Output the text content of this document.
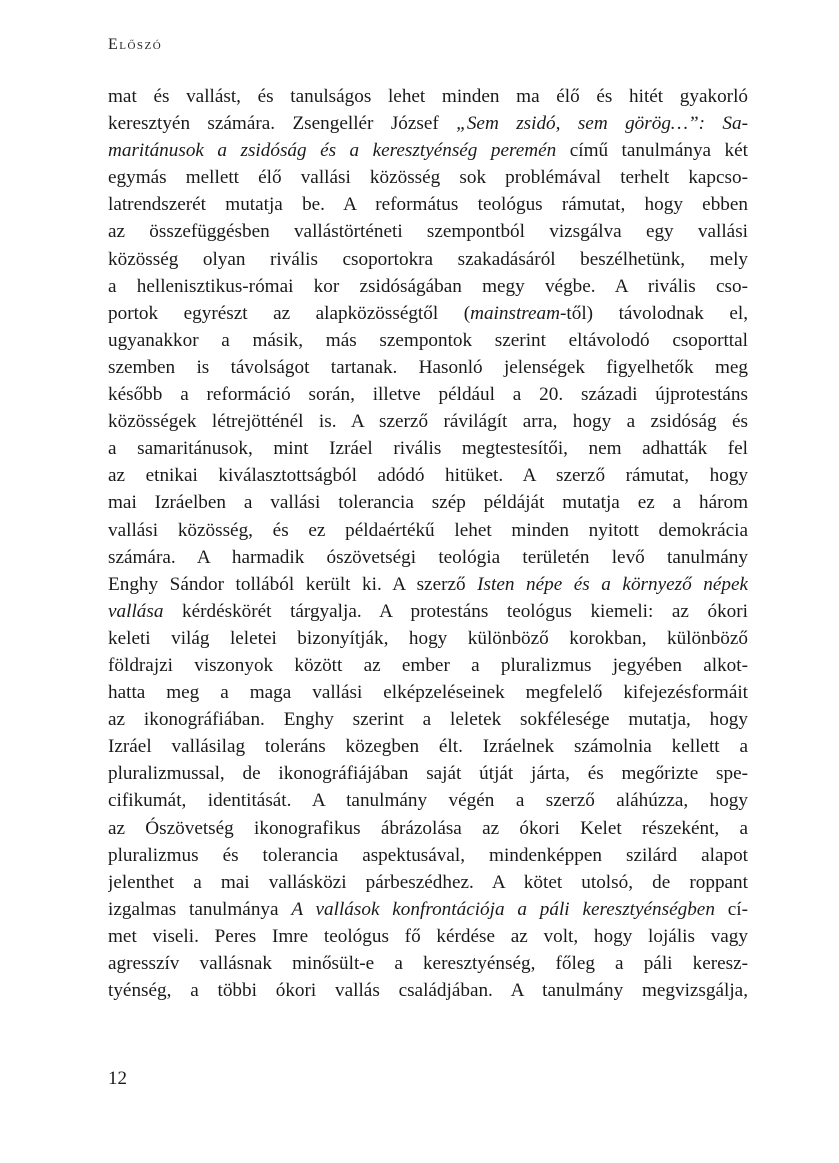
Előszó
mat és vallást, és tanulságos lehet minden ma élő és hitét gyakorló
keresztyén számára. Zsengellér József „Sem zsidó, sem görög…”: Sa-
maritánusok a zsidóság és a keresztyénség peremén című tanulmánya két
egymás mellett élő vallási közösség sok problémával terhelt kapcso-
latrendszerét mutatja be. A református teológus rámutat, hogy ebben
az összefüggésben vallástörténeti szempontból vizsgálva egy vallási
közösség olyan rivális csoportokra szakadásáról beszélhetünk, mely
a hellenisztikus-római kor zsidóságában megy végbe. A rivális cso-
portok egyrészt az alapközösségtől (mainstream-től) távolodnak el,
ugyanakkor a másik, más szempontok szerint eltávolodó csoporttal
szemben is távolságot tartanak. Hasonló jelenségek figyelhetők meg
később a reformáció során, illetve például a 20. századi újprotestáns
közösségek létrejötténél is. A szerző rávilágít arra, hogy a zsidóság és
a samaritánusok, mint Izráel rivális megtestesítői, nem adhatták fel
az etnikai kiválasztottságból adódó hitüket. A szerző rámutat, hogy
mai Izráelben a vallási tolerancia szép példáját mutatja ez a három
vallási közösség, és ez példaértékű lehet minden nyitott demokrácia
számára. A harmadik ószövetségi teológia területén levő tanulmány
Enghy Sándor tollából került ki. A szerző Isten népe és a környező népek
vallása kérdéskörét tárgyalja. A protestáns teológus kiemeli: az ókori
keleti világ leletei bizonyítják, hogy különböző korokban, különböző
földrajzi viszonyok között az ember a pluralizmus jegyében alkot-
hatta meg a maga vallási elképzeléseinek megfelelő kifejezésformáit
az ikonográfiában. Enghy szerint a leletek sokfélesége mutatja, hogy
Izráel vallásilag toleráns közegben élt. Izráelnek számolnia kellett a
pluralizmussal, de ikonográfiájában saját útját járta, és megőrizte spe-
cifikumát, identitását. A tanulmány végén a szerző aláhúzza, hogy
az Ószövetség ikonografikus ábrázolása az ókori Kelet részeként, a
pluralizmus és tolerancia aspektusával, mindenképpen szilárd alapot
jelenthet a mai vallásközi párbeszédhez. A kötet utolsó, de roppant
izgalmas tanulmánya A vallások konfrontációja a páli keresztyénségben cí-
met viseli. Peres Imre teológus fő kérdése az volt, hogy lojális vagy
agresszív vallásnak minősült-e a keresztyénség, főleg a páli keresz-
tyénség, a többi ókori vallás családjában. A tanulmány megvizsgálja,
12
